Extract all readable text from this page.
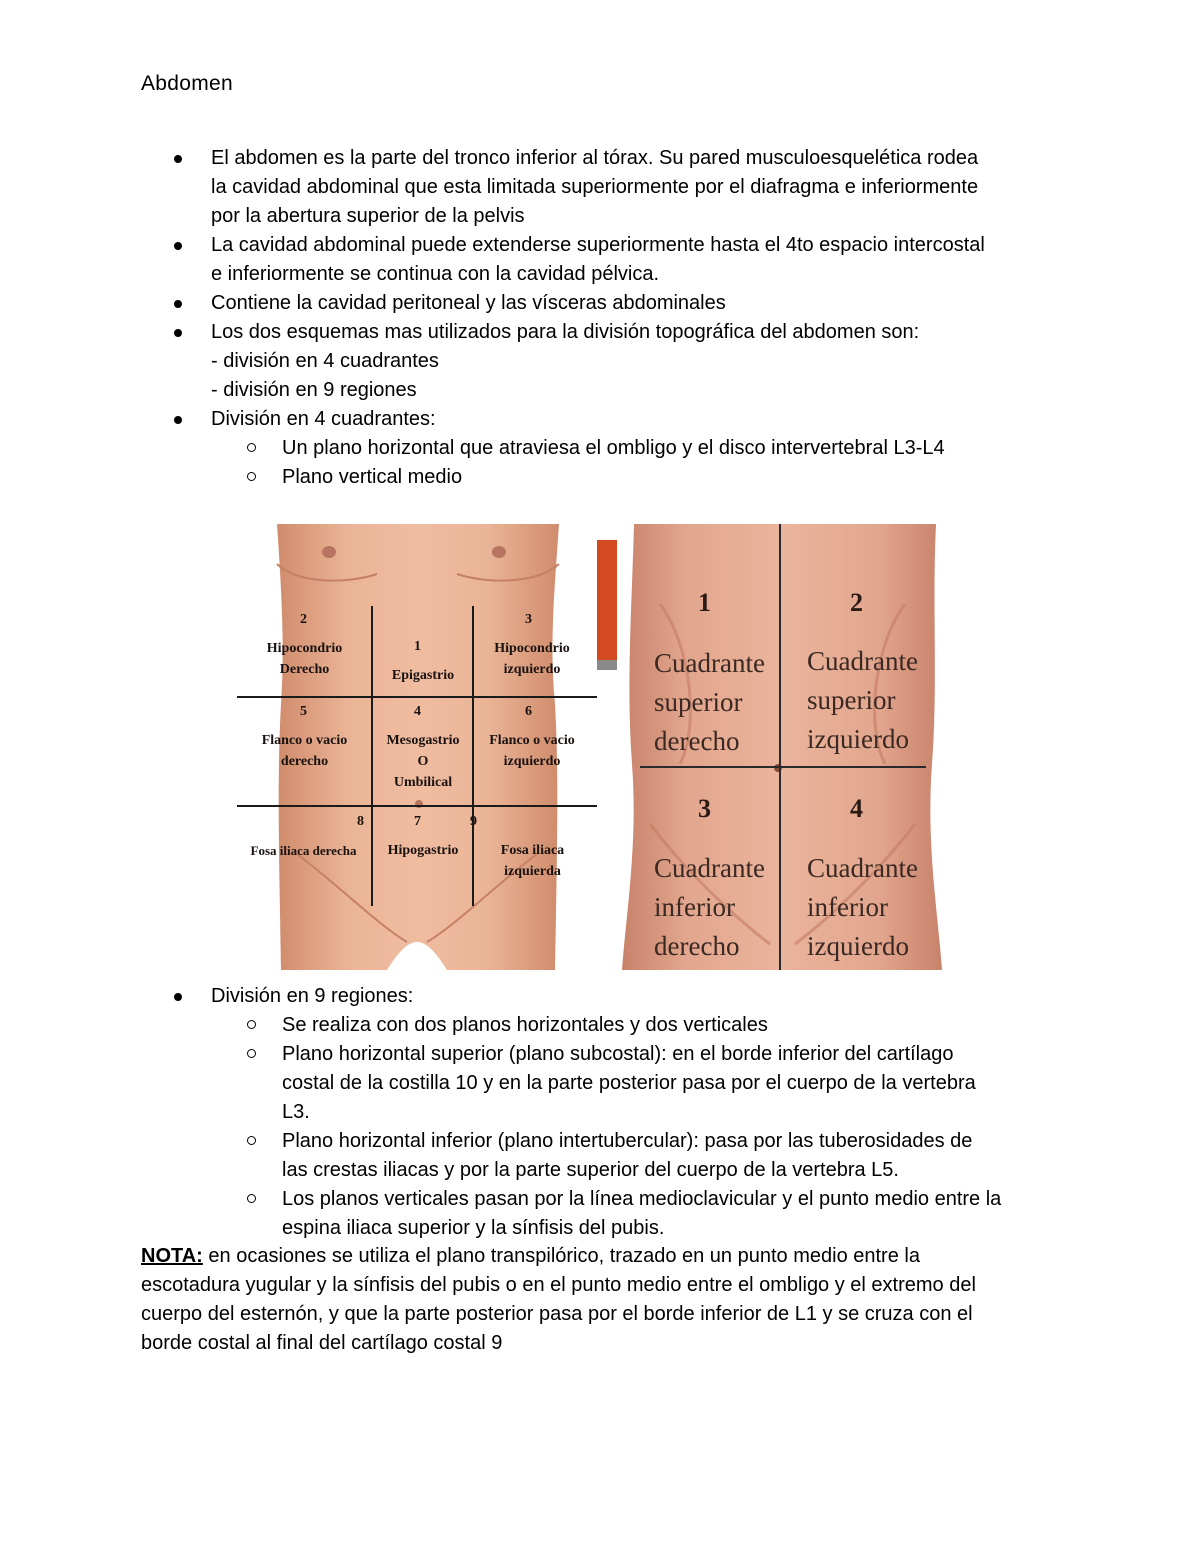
Abdomen
El abdomen es la parte del tronco inferior al tórax. Su pared musculoesquelética rodea
la cavidad abdominal que esta limitada superiormente por el diafragma e inferiormente
por la abertura superior de la pelvis
La cavidad abdominal puede extenderse superiormente hasta el 4to espacio intercostal
e inferiormente se continua con la cavidad pélvica.
Contiene la cavidad peritoneal y las vísceras abdominales
Los dos esquemas mas utilizados para la división topográfica del abdomen son:
- división en 4 cuadrantes
- división en 9 regiones
División en 4 cuadrantes:
Un plano horizontal que atraviesa el ombligo y el disco intervertebral L3-L4
Plano vertical medio
2
Hipocondrio
Derecho
1
Epigastrio
3
Hipocondrio
izquierdo
5
Flanco o vacio
derecho
4
Mesogastrio
O
Umbilical
6
Flanco o vacio
izquierdo
8
Fosa iliaca derecha
7
Hipogastrio
9
Fosa iliaca
izquierda
1
Cuadrante
superior
derecho
2
Cuadrante
superior
izquierdo
3
Cuadrante
inferior
derecho
4
Cuadrante
inferior
izquierdo
División en 9 regiones:
Se realiza con dos planos horizontales y dos verticales
Plano horizontal superior (plano subcostal): en el borde inferior del cartílago
costal de la costilla 10 y en la parte posterior pasa por el cuerpo de la vertebra
L3.
Plano horizontal inferior (plano intertubercular): pasa por las tuberosidades de
las crestas iliacas y por la parte superior del cuerpo de la vertebra L5.
Los planos verticales pasan por la línea medioclavicular y el punto medio entre la
espina iliaca superior y la sínfisis del pubis.
NOTA: en ocasiones se utiliza el plano transpilórico, trazado en un punto medio entre la
escotadura yugular y la sínfisis del pubis o en el punto medio entre el ombligo y el extremo del
cuerpo del esternón, y que la parte posterior pasa por el borde inferior de L1 y se cruza con el
borde costal al final del cartílago costal 9
